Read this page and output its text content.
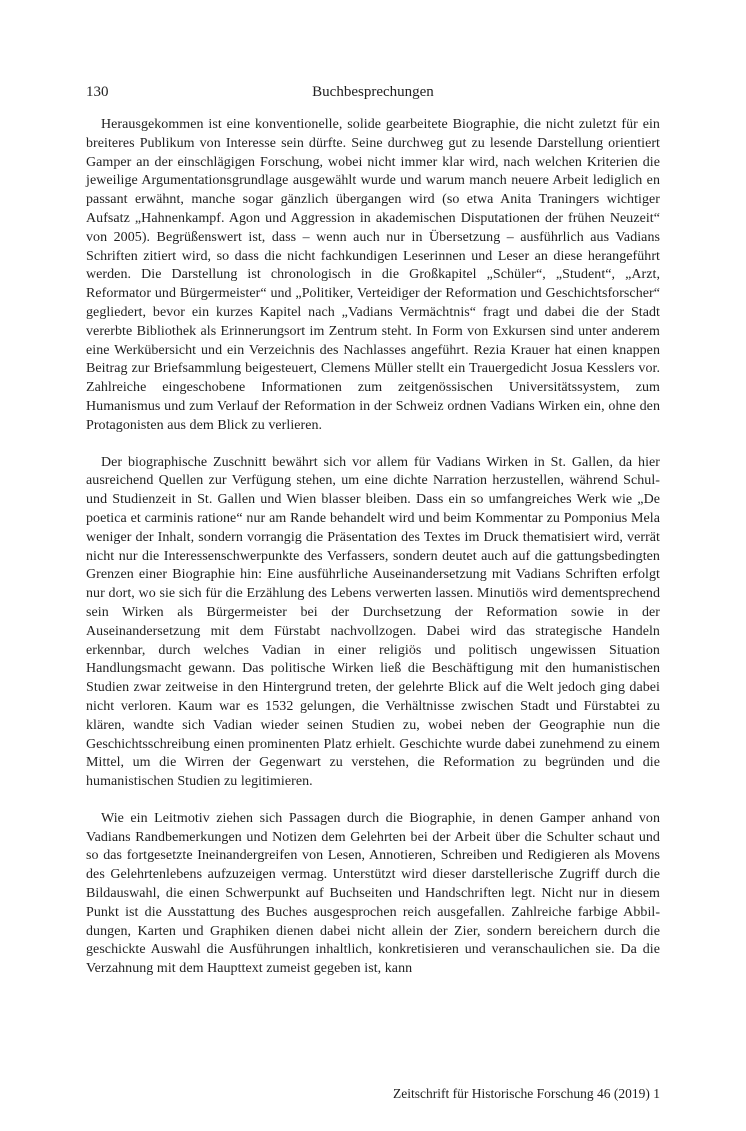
130	Buchbesprechungen

Herausgekommen ist eine konventionelle, solide gearbeitete Biographie, die nicht zuletzt für ein breiteres Publikum von Interesse sein dürfte. Seine durchweg gut zu lesende Darstellung orientiert Gamper an der einschlägigen Forschung, wobei nicht immer klar wird, nach welchen Kriterien die jeweilige Argumentationsgrundlage ausgewählt wurde und warum manch neuere Arbeit lediglich en passant erwähnt, manche sogar gänzlich übergangen wird (so etwa Anita Traningers wichtiger Aufsatz „Hahnenkampf. Agon und Aggression in akademischen Disputationen der frühen Neuzeit“ von 2005). Begrüßenswert ist, dass – wenn auch nur in Übersetzung – ausführlich aus Vadians Schriften zitiert wird, so dass die nicht fachkundigen Leserinnen und Leser an diese herangeführt werden. Die Darstellung ist chronologisch in die Großkapitel „Schüler“, „Student“, „Arzt, Reformator und Bürgermeister“ und „Politiker, Verteidiger der Reformation und Geschichtsforscher“ gegliedert, bevor ein kurzes Kapitel nach „Vadians Vermächtnis“ fragt und dabei die der Stadt vererbte Bibliothek als Erinnerungsort im Zentrum steht. In Form von Exkursen sind unter anderem eine Werkübersicht und ein Verzeichnis des Nachlasses angeführt. Rezia Krauer hat einen knappen Beitrag zur Briefsammlung beigesteuert, Clemens Müller stellt ein Trauergedicht Josua Kesslers vor. Zahlreiche eingeschobene Informationen zum zeitgenössischen Universitätssystem, zum Humanismus und zum Verlauf der Reformation in der Schweiz ordnen Vadians Wirken ein, ohne den Protagonisten aus dem Blick zu verlieren.

Der biographische Zuschnitt bewährt sich vor allem für Vadians Wirken in St. Gallen, da hier ausreichend Quellen zur Verfügung stehen, um eine dichte Narration herzustellen, während Schul- und Studienzeit in St. Gallen und Wien blasser bleiben. Dass ein so umfangreiches Werk wie „De poetica et carminis ratione“ nur am Rande behandelt wird und beim Kommentar zu Pomponius Mela weniger der Inhalt, sondern vorrangig die Präsentation des Textes im Druck thematisiert wird, verrät nicht nur die Interessenschwerpunkte des Verfassers, sondern deutet auch auf die gattungsbedingten Grenzen einer Biographie hin: Eine ausführliche Auseinandersetzung mit Vadians Schriften erfolgt nur dort, wo sie sich für die Erzählung des Lebens verwerten lassen. Minutiös wird dementsprechend sein Wirken als Bürgermeister bei der Durchsetzung der Reformation sowie in der Auseinandersetzung mit dem Fürstabt nachvollzogen. Dabei wird das strategische Handeln erkennbar, durch welches Vadian in einer religiös und politisch ungewissen Situation Handlungsmacht gewann. Das politische Wirken ließ die Beschäftigung mit den humanistischen Studien zwar zeitweise in den Hintergrund treten, der gelehrte Blick auf die Welt jedoch ging dabei nicht verloren. Kaum war es 1532 gelungen, die Verhältnisse zwischen Stadt und Fürstabtei zu klären, wandte sich Vadian wieder seinen Studien zu, wobei neben der Geographie nun die Geschichtsschreibung einen prominenten Platz erhielt. Geschichte wurde dabei zunehmend zu einem Mittel, um die Wirren der Gegenwart zu verstehen, die Reformation zu begründen und die humanistischen Studien zu legitimieren.

Wie ein Leitmotiv ziehen sich Passagen durch die Biographie, in denen Gamper anhand von Vadians Randbemerkungen und Notizen dem Gelehrten bei der Arbeit über die Schulter schaut und so das fortgesetzte Ineinandergreifen von Lesen, Annotieren, Schreiben und Redigieren als Movens des Gelehrtenlebens aufzuzeigen vermag. Unterstützt wird dieser darstellerische Zugriff durch die Bildauswahl, die einen Schwerpunkt auf Buchseiten und Handschriften legt. Nicht nur in diesem Punkt ist die Ausstattung des Buches ausgesprochen reich ausgefallen. Zahlreiche farbige Abbildungen, Karten und Graphiken dienen dabei nicht allein der Zier, sondern bereichern durch die geschickte Auswahl die Ausführungen inhaltlich, konkretisieren und veranschaulichen sie. Da die Verzahnung mit dem Haupttext zumeist gegeben ist, kann

Zeitschrift für Historische Forschung 46 (2019) 1
